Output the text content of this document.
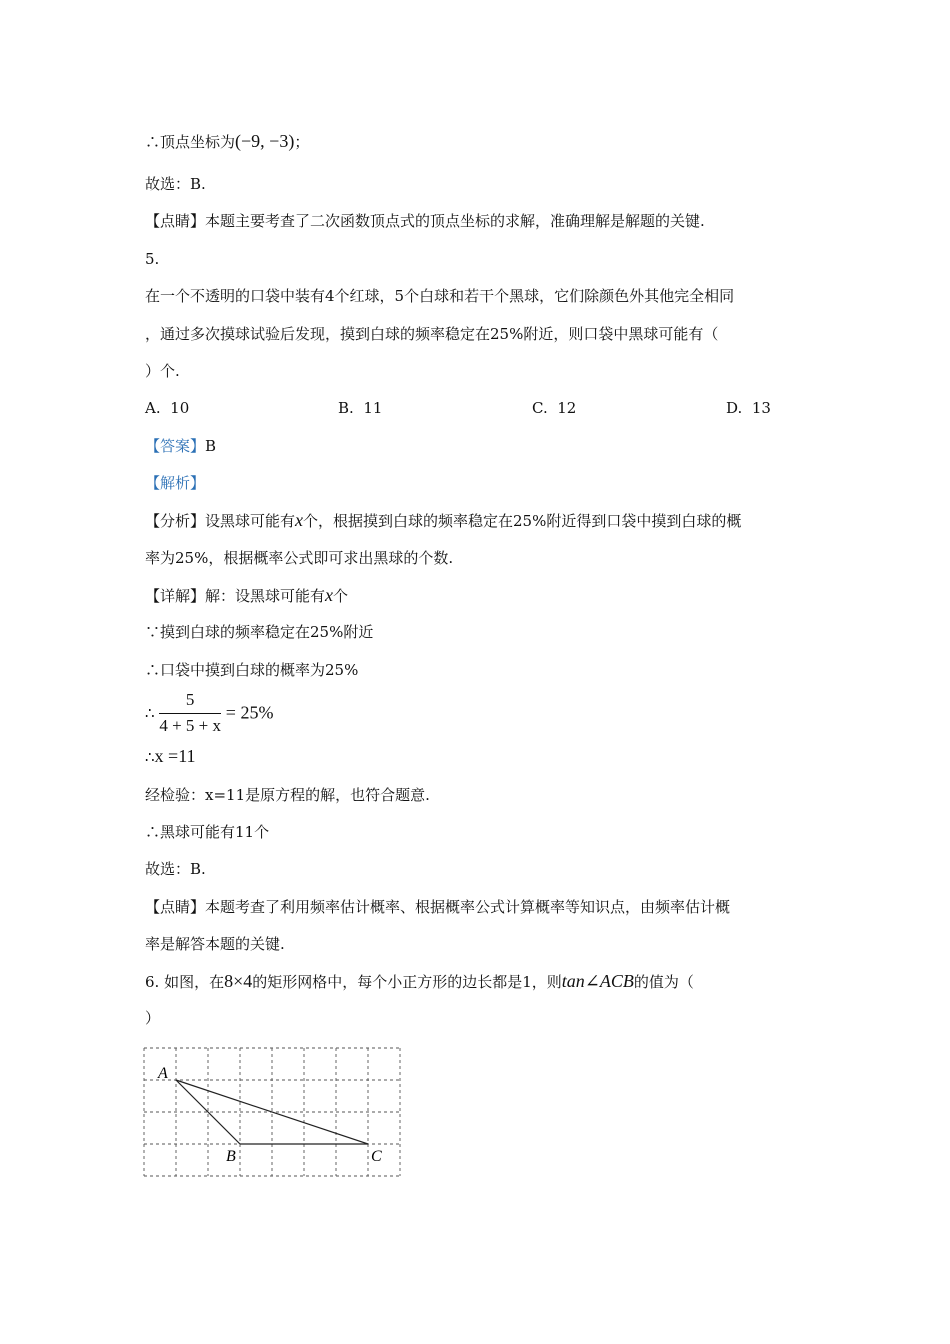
∴顶点坐标为(−9, −3)；
故选：B.
【点睛】本题主要考查了二次函数顶点式的顶点坐标的求解，准确理解是解题的关键.
5.
在一个不透明的口袋中装有4个红球，5个白球和若干个黑球，它们除颜色外其他完全相同
，通过多次摸球试验后发现，摸到白球的频率稳定在25%附近，则口袋中黑球可能有（
）个.
A. 10	B. 11	C. 12	D. 13
【答案】B
【解析】
【分析】设黑球可能有x个，根据摸到白球的频率稳定在25%附近得到口袋中摸到白球的概
率为25%，根据概率公式即可求出黑球的个数.
【详解】解：设黑球可能有x个
∵摸到白球的频率稳定在25%附近
∴口袋中摸到白球的概率为25%
∴ $\frac{5}{4 + 5 + x} = 25\%$
∴x =11
经检验：x=11是原方程的解，也符合题意.
∴黑球可能有11个
故选：B.
【点睛】本题考查了利用频率估计概率、根据概率公式计算概率等知识点，由频率估计概
率是解答本题的关键.
6. 如图，在8×4的矩形网格中，每个小正方形的边长都是1，则tan∠ACB的值为（
）
A
B	C
